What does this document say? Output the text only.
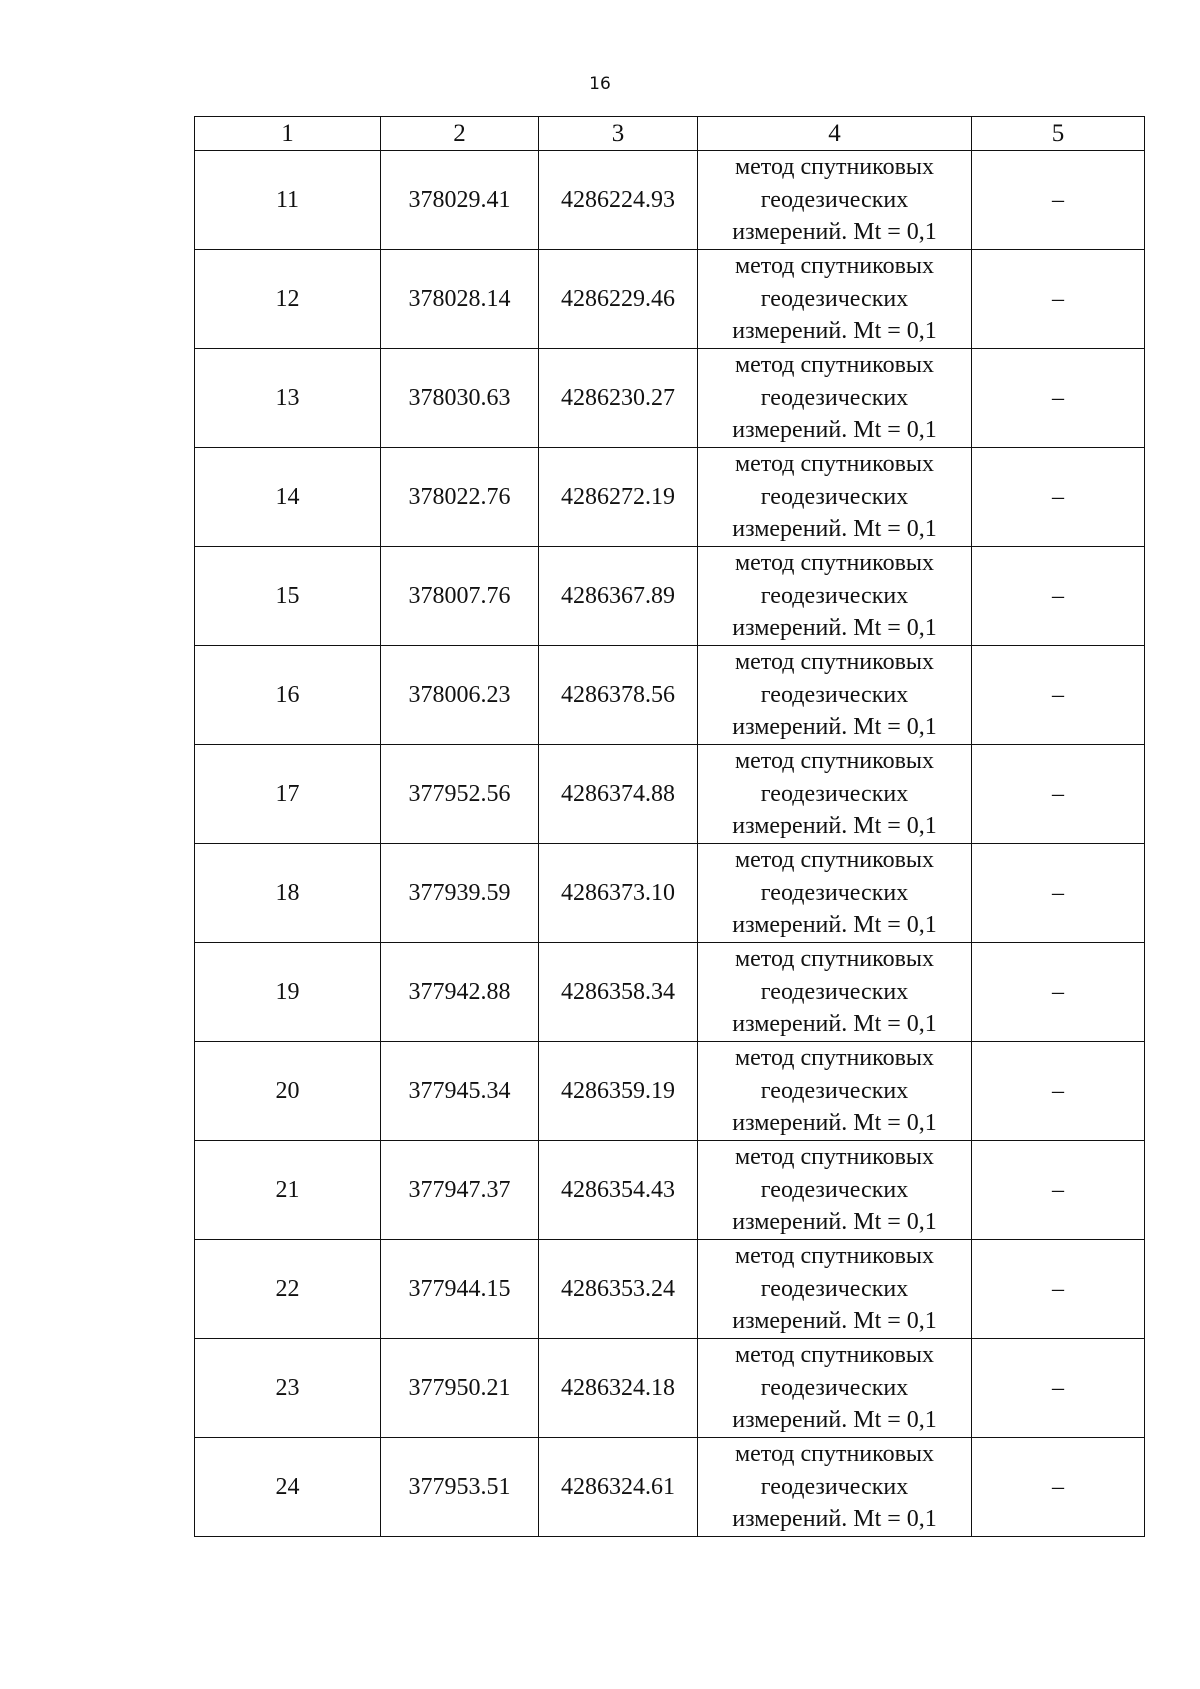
16
1	2	3	4	5
11	378029.41	4286224.93	метод спутниковых
геодезических
измерений. Mt = 0,1	–
12	378028.14	4286229.46	метод спутниковых
геодезических
измерений. Mt = 0,1	–
13	378030.63	4286230.27	метод спутниковых
геодезических
измерений. Mt = 0,1	–
14	378022.76	4286272.19	метод спутниковых
геодезических
измерений. Mt = 0,1	–
15	378007.76	4286367.89	метод спутниковых
геодезических
измерений. Mt = 0,1	–
16	378006.23	4286378.56	метод спутниковых
геодезических
измерений. Mt = 0,1	–
17	377952.56	4286374.88	метод спутниковых
геодезических
измерений. Mt = 0,1	–
18	377939.59	4286373.10	метод спутниковых
геодезических
измерений. Mt = 0,1	–
19	377942.88	4286358.34	метод спутниковых
геодезических
измерений. Mt = 0,1	–
20	377945.34	4286359.19	метод спутниковых
геодезических
измерений. Mt = 0,1	–
21	377947.37	4286354.43	метод спутниковых
геодезических
измерений. Mt = 0,1	–
22	377944.15	4286353.24	метод спутниковых
геодезических
измерений. Mt = 0,1	–
23	377950.21	4286324.18	метод спутниковых
геодезических
измерений. Mt = 0,1	–
24	377953.51	4286324.61	метод спутниковых
геодезических
измерений. Mt = 0,1	–
